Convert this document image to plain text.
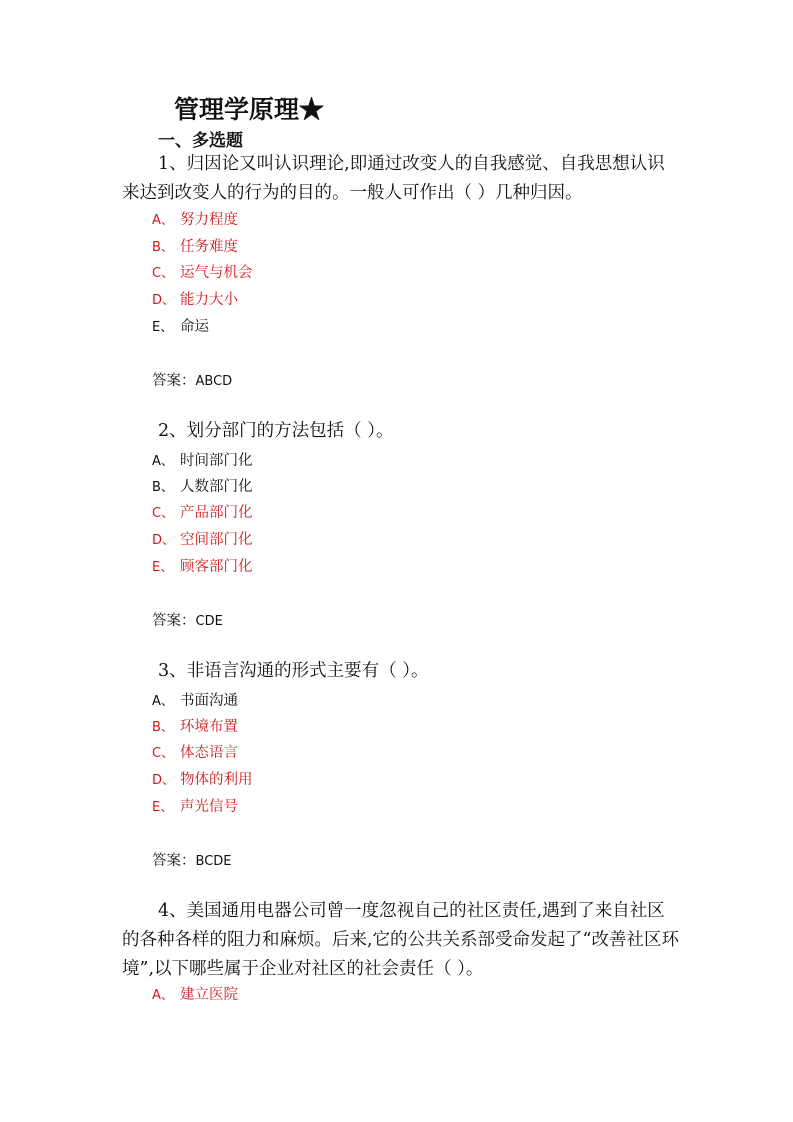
管理学原理★
一、多选题

1、归因论又叫认识理论,即通过改变人的自我感觉、自我思想认识来达到改变人的行为的目的。一般人可作出（ ）几种归因。

A、 努力程度
B、 任务难度
C、 运气与机会
D、 能力大小
E、 命运
答案：ABCD

2、划分部门的方法包括（ ）。

A、 时间部门化
B、 人数部门化
C、 产品部门化
D、 空间部门化
E、 顾客部门化
答案：CDE

3、非语言沟通的形式主要有（ ）。

A、 书面沟通
B、 环境布置
C、 体态语言
D、 物体的利用
E、 声光信号
答案：BCDE

4、美国通用电器公司曾一度忽视自己的社区责任,遇到了来自社区的各种各样的阻力和麻烦。后来,它的公共关系部受命发起了“改善社区环境”,以下哪些属于企业对社区的社会责任（ ）。

A、 建立医院
